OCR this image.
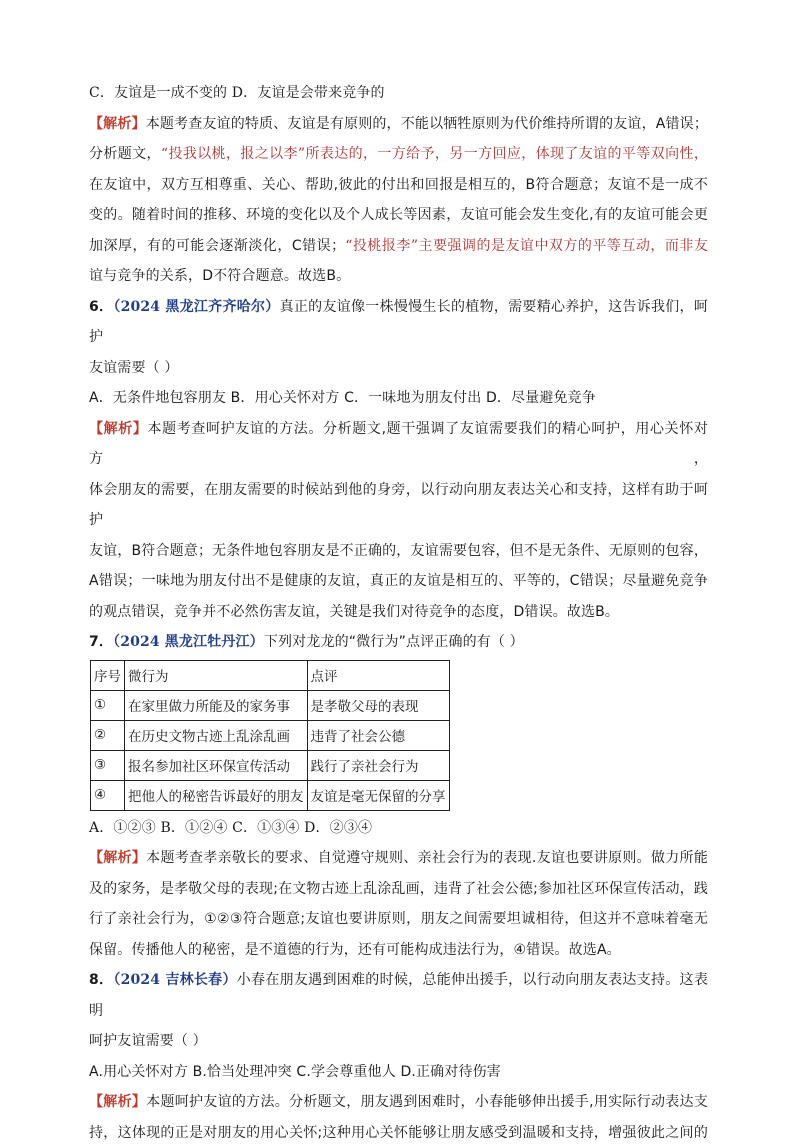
C．友谊是一成不变的 D．友谊是会带来竞争的
【解析】本题考查友谊的特质、友谊是有原则的，不能以牺牲原则为代价维持所谓的友谊，A错误；
分析题文，“投我以桃，报之以李”所表达的，一方给予，另一方回应，体现了友谊的平等双向性，
在友谊中，双方互相尊重、关心、帮助,彼此的付出和回报是相互的，B符合题意；友谊不是一成不
变的。随着时间的推移、环境的变化以及个人成长等因素，友谊可能会发生变化,有的友谊可能会更
加深厚，有的可能会逐渐淡化，C错误；“投桃报李”主要强调的是友谊中双方的平等互动，而非友
谊与竞争的关系，D不符合题意。故选B。
6．（2024 黑龙江齐齐哈尔）真正的友谊像一株慢慢生长的植物，需要精心养护，这告诉我们，呵护
友谊需要（ ）
A．无条件地包容朋友 B．用心关怀对方 C．一味地为朋友付出 D．尽量避免竞争
【解析】本题考查呵护友谊的方法。分析题文,题干强调了友谊需要我们的精心呵护，用心关怀对方，
体会朋友的需要，在朋友需要的时候站到他的身旁，以行动向朋友表达关心和支持，这样有助于呵护
友谊，B符合题意；无条件地包容朋友是不正确的，友谊需要包容，但不是无条件、无原则的包容，
A错误；一味地为朋友付出不是健康的友谊，真正的友谊是相互的、平等的，C错误；尽量避免竞争
的观点错误，竞争并不必然伤害友谊，关键是我们对待竞争的态度，D错误。故选B。
7．（2024 黑龙江牡丹江）下列对龙龙的“微行为”点评正确的有（ ）
序号	微行为	点评
①	在家里做力所能及的家务事	是孝敬父母的表现
②	在历史文物古迹上乱涂乱画	违背了社会公德
③	报名参加社区环保宣传活动	践行了亲社会行为
④	把他人的秘密告诉最好的朋友	友谊是毫无保留的分享
A．①②③ B．①②④ C．①③④ D．②③④
【解析】本题考查孝亲敬长的要求、自觉遵守规则、亲社会行为的表现.友谊也要讲原则。做力所能
及的家务，是孝敬父母的表现;在文物古迹上乱涂乱画，违背了社会公德;参加社区环保宣传活动，践
行了亲社会行为，①②③符合题意;友谊也要讲原则，朋友之间需要坦诚相待，但这并不意味着毫无
保留。传播他人的秘密，是不道德的行为，还有可能构成违法行为，④错误。故选A。
8．（2024 吉林长春）小春在朋友遇到困难的时候，总能伸出援手，以行动向朋友表达支持。这表明
呵护友谊需要（ ）
A.用心关怀对方 B.恰当处理冲突 C.学会尊重他人 D.正确对待伤害
【解析】本题呵护友谊的方法。分析题文，朋友遇到困难时，小春能够伸出援手,用实际行动表达支
持，这体现的正是对朋友的用心关怀;这种用心关怀能够让朋友感受到温暖和支持，增强彼此之间的
